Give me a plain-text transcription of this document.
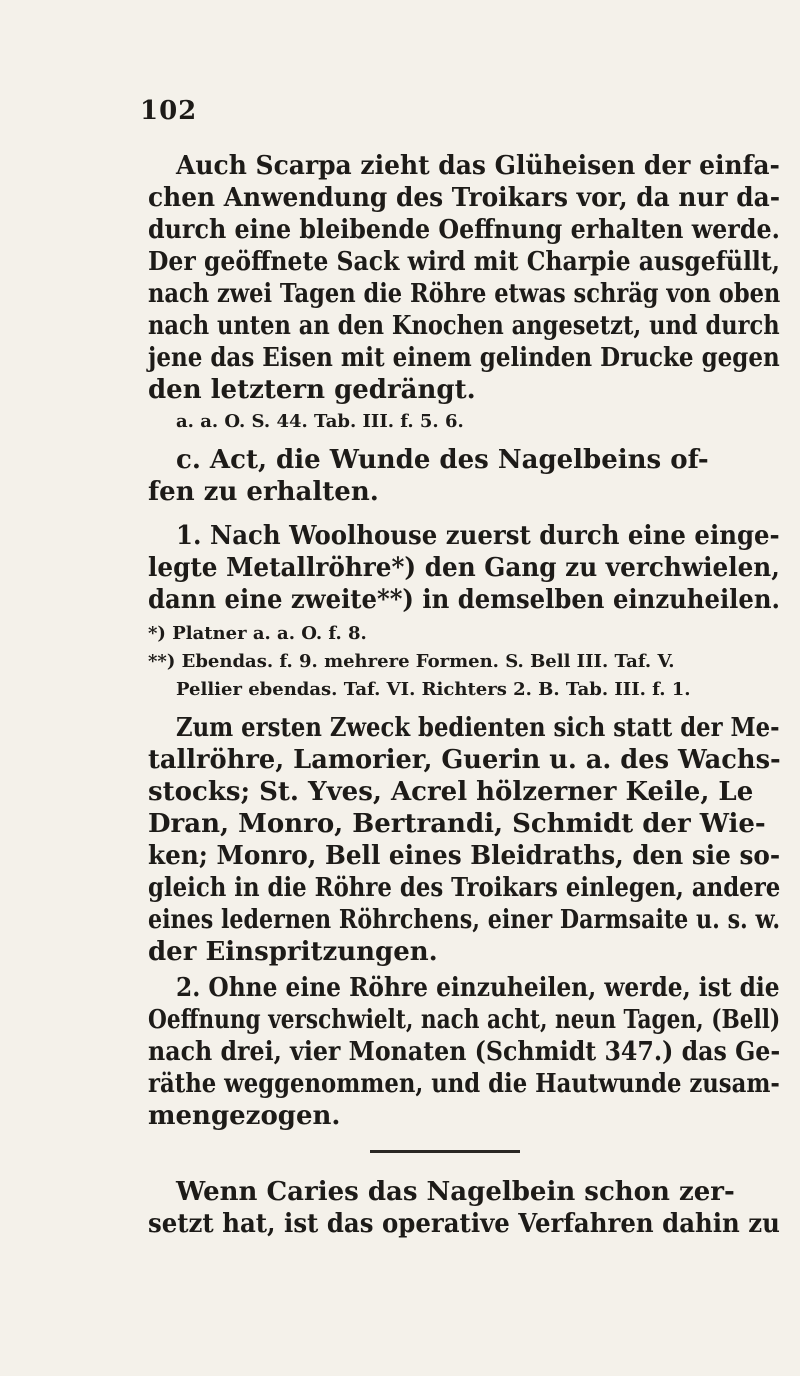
102
Auch Scarpa zieht das Glüheisen der einfa-
chen Anwendung des Troikars vor, da nur da-
durch eine bleibende Oeffnung erhalten werde.
Der geöffnete Sack wird mit Charpie ausgefüllt,
nach zwei Tagen die Röhre etwas schräg von oben
nach unten an den Knochen angesetzt, und durch
jene das Eisen mit einem gelinden Drucke gegen
den letztern gedrängt.
a. a. O. S. 44. Tab. III. f. 5. 6.
c. Act, die Wunde des Nagelbeins of-
fen zu erhalten.
1. Nach Woolhouse zuerst durch eine einge-
legte Metallröhre*) den Gang zu verchwielen,
dann eine zweite**) in demselben einzuheilen.
*) Platner a. a. O. f. 8.
**) Ebendas. f. 9. mehrere Formen. S. Bell III. Taf. V.
Pellier ebendas. Taf. VI. Richters 2. B. Tab. III. f. 1.
Zum ersten Zweck bedienten sich statt der Me-
tallröhre, Lamorier, Guerin u. a. des Wachs-
stocks; St. Yves, Acrel hölzerner Keile, Le
Dran, Monro, Bertrandi, Schmidt der Wie-
ken; Monro, Bell eines Bleidraths, den sie so-
gleich in die Röhre des Troikars einlegen, andere
eines ledernen Röhrchens, einer Darmsaite u. s. w.
der Einspritzungen.
2. Ohne eine Röhre einzuheilen, werde, ist die
Oeffnung verschwielt, nach acht, neun Tagen, (Bell)
nach drei, vier Monaten (Schmidt 347.) das Ge-
räthe weggenommen, und die Hautwunde zusam-
mengezogen.
Wenn Caries das Nagelbein schon zer-
setzt hat, ist das operative Verfahren dahin zu
